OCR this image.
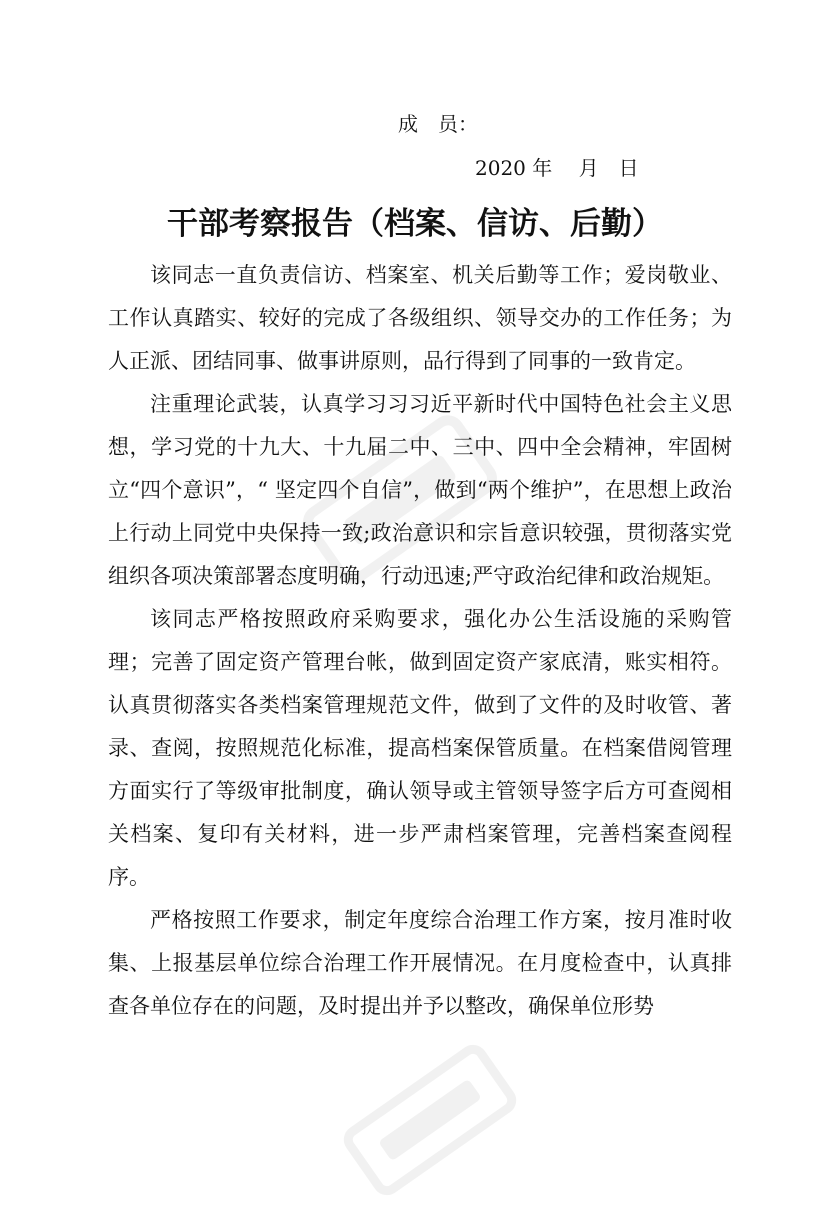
成　员：
2020 年　 月　日
干部考察报告（档案、信访、后勤）

该同志一直负责信访、档案室、机关后勤等工作；爱岗敬业、工作认真踏实、较好的完成了各级组织、领导交办的工作任务；为人正派、团结同事、做事讲原则，品行得到了同事的一致肯定。

注重理论武装，认真学习习习近平新时代中国特色社会主义思想，学习党的十九大、十九届二中、三中、四中全会精神，牢固树立“四个意识”，“ 坚定四个自信”，做到“两个维护”，在思想上政治上行动上同党中央保持一致;政治意识和宗旨意识较强，贯彻落实党组织各项决策部署态度明确，行动迅速;严守政治纪律和政治规矩。

该同志严格按照政府采购要求，强化办公生活设施的采购管理；完善了固定资产管理台帐，做到固定资产家底清，账实相符。认真贯彻落实各类档案管理规范文件，做到了文件的及时收管、著录、查阅，按照规范化标准，提高档案保管质量。在档案借阅管理方面实行了等级审批制度，确认领导或主管领导签字后方可查阅相关档案、复印有关材料，进一步严肃档案管理，完善档案查阅程序。

严格按照工作要求，制定年度综合治理工作方案，按月准时收集、上报基层单位综合治理工作开展情况。在月度检查中，认真排查各单位存在的问题，及时提出并予以整改，确保单位形势
